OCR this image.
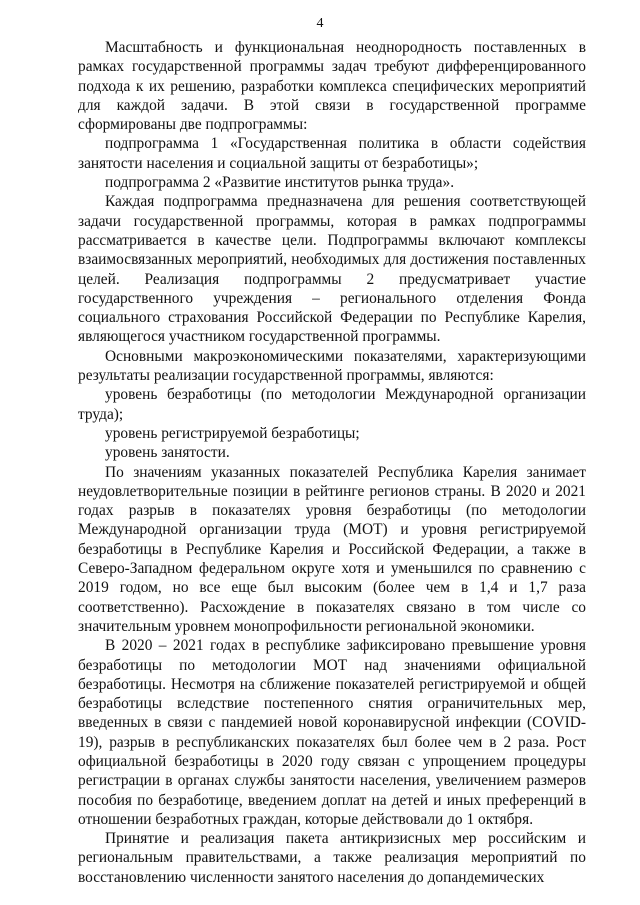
4

Масштабность и функциональная неоднородность поставленных в рамках государственной программы задач требуют дифференцированного подхода к их решению, разработки комплекса специфических мероприятий для каждой задачи. В этой связи в государственной программе сформированы две подпрограммы:

подпрограмма 1 «Государственная политика в области содействия занятости населения и социальной защиты от безработицы»;

подпрограмма 2 «Развитие институтов рынка труда».

Каждая подпрограмма предназначена для решения соответствующей задачи государственной программы, которая в рамках подпрограммы рассматривается в качестве цели. Подпрограммы включают комплексы взаимосвязанных мероприятий, необходимых для достижения поставленных целей. Реализация подпрограммы 2 предусматривает участие государственного учреждения – регионального отделения Фонда социального страхования Российской Федерации по Республике Карелия, являющегося участником государственной программы.

Основными макроэкономическими показателями, характеризующими результаты реализации государственной программы, являются:

уровень безработицы (по методологии Международной организации труда);

уровень регистрируемой безработицы;

уровень занятости.

По значениям указанных показателей Республика Карелия занимает неудовлетворительные позиции в рейтинге регионов страны. В 2020 и 2021 годах разрыв в показателях уровня безработицы (по методологии Международной организации труда (МОТ) и уровня регистрируемой безработицы в Республике Карелия и Российской Федерации, а также в Северо-Западном федеральном округе хотя и уменьшился по сравнению с 2019 годом, но все еще был высоким (более чем в 1,4 и 1,7 раза соответственно). Расхождение в показателях связано в том числе со значительным уровнем монопрофильности региональной экономики.

В 2020 – 2021 годах в республике зафиксировано превышение уровня безработицы по методологии МОТ над значениями официальной безработицы. Несмотря на сближение показателей регистрируемой и общей безработицы вследствие постепенного снятия ограничительных мер, введенных в связи с пандемией новой коронавирусной инфекции (COVID-19), разрыв в республиканских показателях был более чем в 2 раза. Рост официальной безработицы в 2020 году связан с упрощением процедуры регистрации в органах службы занятости населения, увеличением размеров пособия по безработице, введением доплат на детей и иных преференций в отношении безработных граждан, которые действовали до 1 октября.

Принятие и реализация пакета антикризисных мер российским и региональным правительствами, а также реализация мероприятий по восстановлению численности занятого населения до допандемических
